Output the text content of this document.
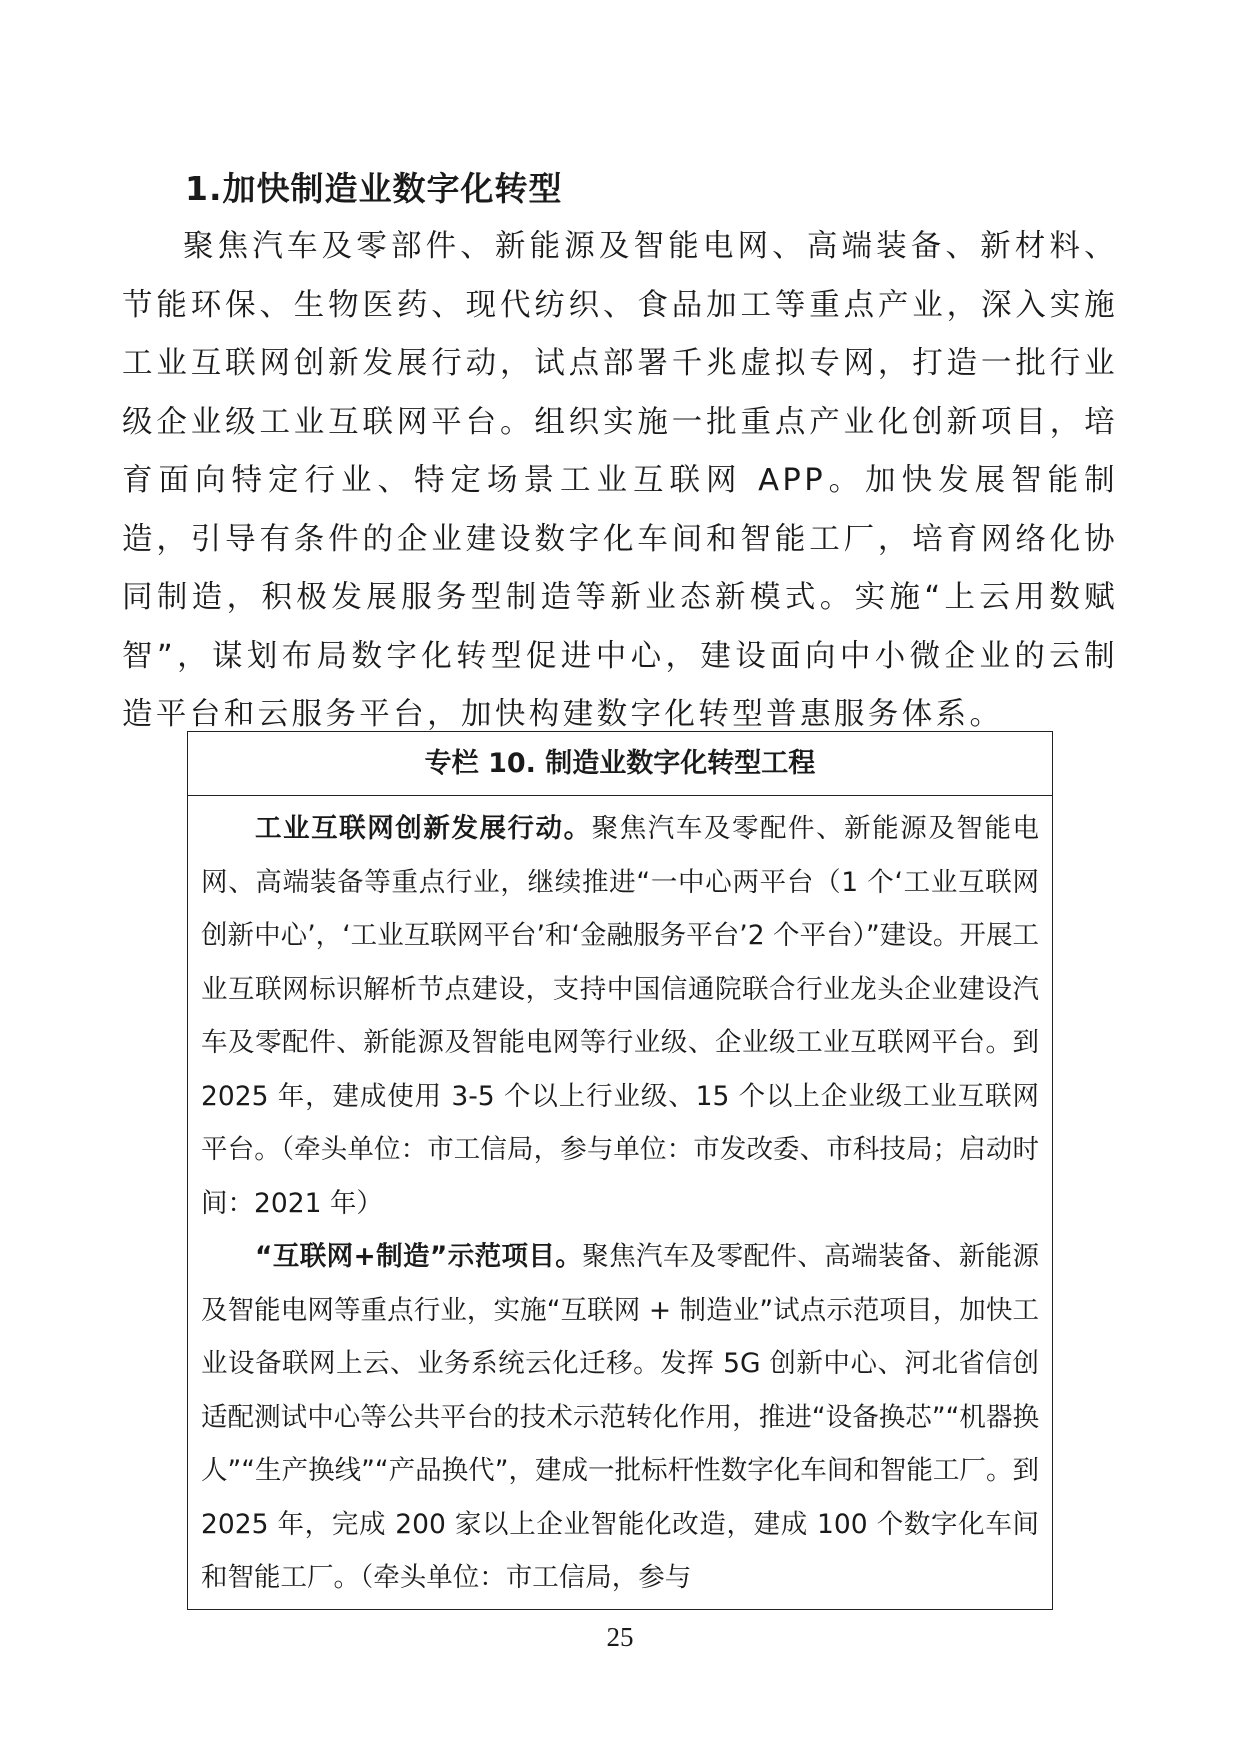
1.加快制造业数字化转型

聚焦汽车及零部件、新能源及智能电网、高端装备、新材料、节能环保、生物医药、现代纺织、食品加工等重点产业，深入实施工业互联网创新发展行动，试点部署千兆虚拟专网，打造一批行业级企业级工业互联网平台。组织实施一批重点产业化创新项目，培育面向特定行业、特定场景工业互联网 APP。加快发展智能制造，引导有条件的企业建设数字化车间和智能工厂，培育网络化协同制造，积极发展服务型制造等新业态新模式。实施“上云用数赋智”，谋划布局数字化转型促进中心，建设面向中小微企业的云制造平台和云服务平台，加快构建数字化转型普惠服务体系。

专栏 10. 制造业数字化转型工程

工业互联网创新发展行动。聚焦汽车及零配件、新能源及智能电网、高端装备等重点行业，继续推进“一中心两平台（1 个‘工业互联网创新中心’，‘工业互联网平台’和‘金融服务平台’2 个平台）”建设。开展工业互联网标识解析节点建设，支持中国信通院联合行业龙头企业建设汽车及零配件、新能源及智能电网等行业级、企业级工业互联网平台。到 2025 年，建成使用 3-5 个以上行业级、15 个以上企业级工业互联网平台。（牵头单位：市工信局，参与单位：市发改委、市科技局；启动时间：2021 年）

“互联网+制造”示范项目。聚焦汽车及零配件、高端装备、新能源及智能电网等重点行业，实施“互联网 + 制造业”试点示范项目，加快工业设备联网上云、业务系统云化迁移。发挥 5G 创新中心、河北省信创适配测试中心等公共平台的技术示范转化作用，推进“设备换芯”“机器换人”“生产换线”“产品换代”，建成一批标杆性数字化车间和智能工厂。到 2025 年，完成 200 家以上企业智能化改造，建成 100 个数字化车间和智能工厂。（牵头单位：市工信局，参与

25
